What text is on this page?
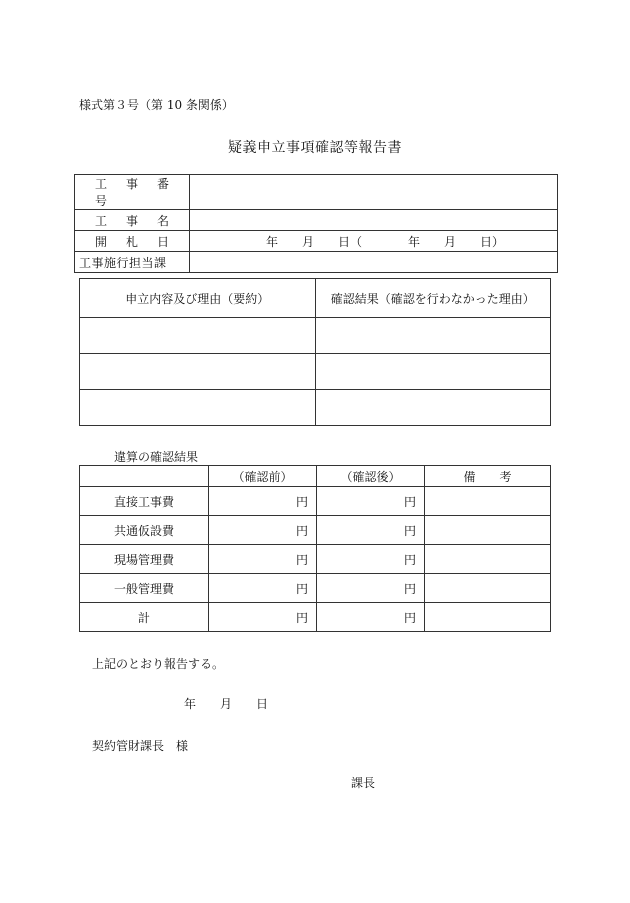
様式第３号（第 10 条関係）
疑義申立事項確認等報告書
工　事　番　号	
工　事　名	
開　札　日	年 月 日（ 年 月 日）
工事施行担当課	
申立内容及び理由（要約）	確認結果（確認を行わなかった理由）

違算の確認結果
	（確認前）	（確認後）	備　　考
直接工事費	円	円	
共通仮設費	円	円	
現場管理費	円	円	
一般管理費	円	円	
計	円	円	
上記のとおり報告する。
年 月 日
契約管財課長　様
課長
